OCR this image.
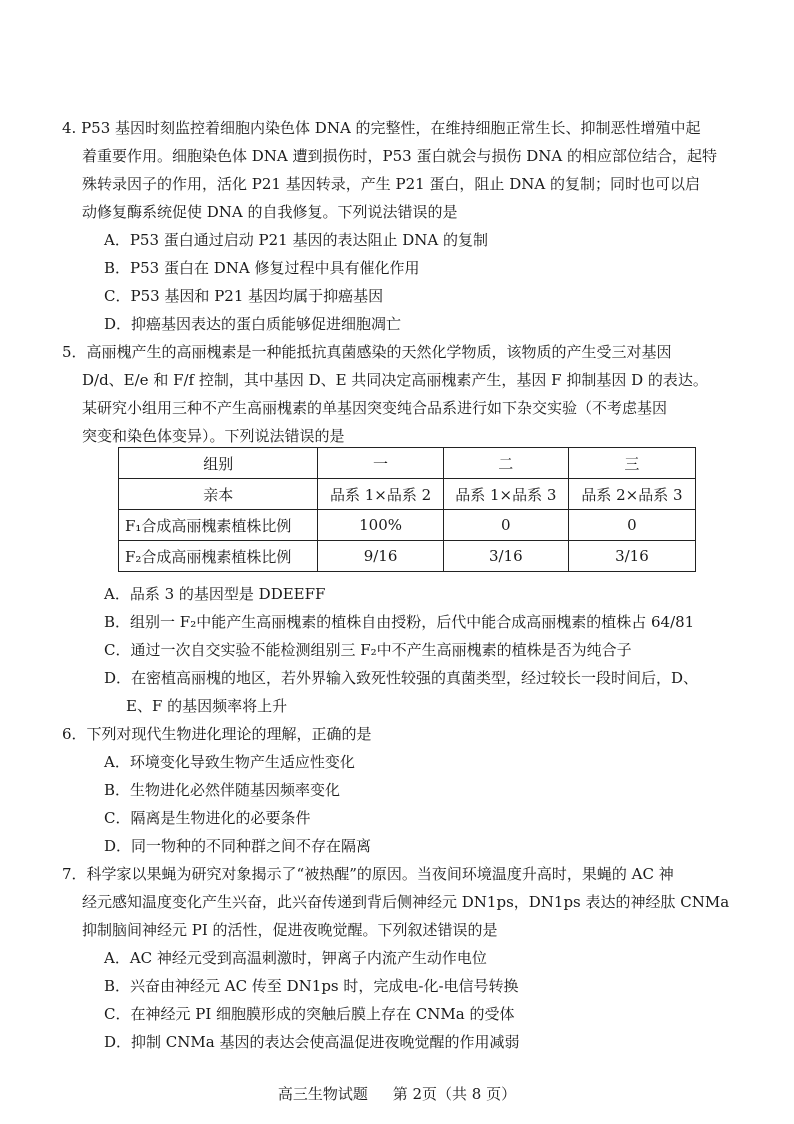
4. P53 基因时刻监控着细胞内染色体 DNA 的完整性，在维持细胞正常生长、抑制恶性增殖中起
着重要作用。细胞染色体 DNA 遭到损伤时，P53 蛋白就会与损伤 DNA 的相应部位结合，起特
殊转录因子的作用，活化 P21 基因转录，产生 P21 蛋白，阻止 DNA 的复制；同时也可以启
动修复酶系统促使 DNA 的自我修复。下列说法错误的是
A．P53 蛋白通过启动 P21 基因的表达阻止 DNA 的复制
B．P53 蛋白在 DNA 修复过程中具有催化作用
C．P53 基因和 P21 基因均属于抑癌基因
D．抑癌基因表达的蛋白质能够促进细胞凋亡
5．高丽槐产生的高丽槐素是一种能抵抗真菌感染的天然化学物质，该物质的产生受三对基因
D/d、E/e 和 F/f 控制，其中基因 D、E 共同决定高丽槐素产生，基因 F 抑制基因 D 的表达。
某研究小组用三种不产生高丽槐素的单基因突变纯合品系进行如下杂交实验（不考虑基因
突变和染色体变异）。下列说法错误的是
组别	一	二	三
亲本	品系 1×品系 2	品系 1×品系 3	品系 2×品系 3
F₁合成高丽槐素植株比例	100%	0	0
F₂合成高丽槐素植株比例	9/16	3/16	3/16
A．品系 3 的基因型是 DDEEFF
B．组别一 F₂中能产生高丽槐素的植株自由授粉，后代中能合成高丽槐素的植株占 64/81
C．通过一次自交实验不能检测组别三 F₂中不产生高丽槐素的植株是否为纯合子
D．在密植高丽槐的地区，若外界输入致死性较强的真菌类型，经过较长一段时间后，D、
E、F 的基因频率将上升
6．下列对现代生物进化理论的理解，正确的是
A．环境变化导致生物产生适应性变化
B．生物进化必然伴随基因频率变化
C．隔离是生物进化的必要条件
D．同一物种的不同种群之间不存在隔离
7．科学家以果蝇为研究对象揭示了“被热醒”的原因。当夜间环境温度升高时，果蝇的 AC 神
经元感知温度变化产生兴奋，此兴奋传递到背后侧神经元 DN1ps，DN1ps 表达的神经肽 CNMa
抑制脑间神经元 PI 的活性，促进夜晚觉醒。下列叙述错误的是
A．AC 神经元受到高温刺激时，钾离子内流产生动作电位
B．兴奋由神经元 AC 传至 DN1ps 时，完成电-化-电信号转换
C．在神经元 PI 细胞膜形成的突触后膜上存在 CNMa 的受体
D．抑制 CNMa 基因的表达会使高温促进夜晚觉醒的作用减弱
高三生物试题 第 2页（共 8 页）
